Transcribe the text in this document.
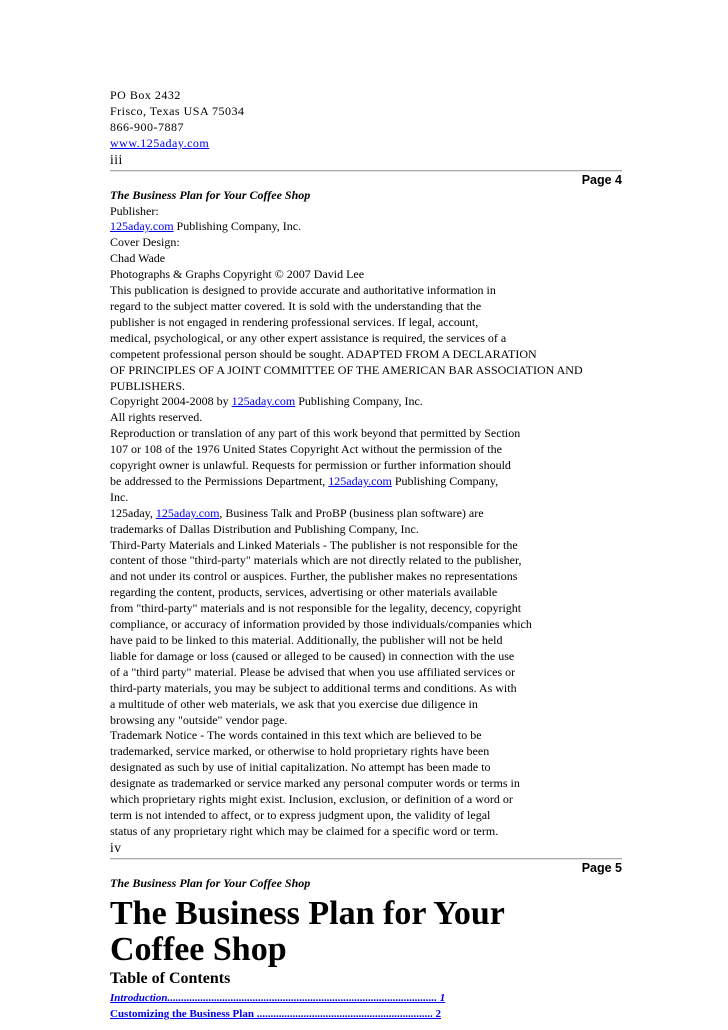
PO Box 2432
Frisco, Texas USA 75034
866-900-7887
www.125aday.com
iii
Page 4
The Business Plan for Your Coffee Shop
Publisher:
125aday.com Publishing Company, Inc.
Cover Design:
Chad Wade
Photographs & Graphs Copyright © 2007 David Lee
This publication is designed to provide accurate and authoritative information in
regard to the subject matter covered. It is sold with the understanding that the
publisher is not engaged in rendering professional services. If legal, account,
medical, psychological, or any other expert assistance is required, the services of a
competent professional person should be sought. ADAPTED FROM A DECLARATION
OF PRINCIPLES OF A JOINT COMMITTEE OF THE AMERICAN BAR ASSOCIATION AND
PUBLISHERS.
Copyright 2004-2008 by 125aday.com Publishing Company, Inc.
All rights reserved.
Reproduction or translation of any part of this work beyond that permitted by Section
107 or 108 of the 1976 United States Copyright Act without the permission of the
copyright owner is unlawful. Requests for permission or further information should
be addressed to the Permissions Department, 125aday.com Publishing Company,
Inc.
125aday, 125aday.com, Business Talk and ProBP (business plan software) are
trademarks of Dallas Distribution and Publishing Company, Inc.
Third-Party Materials and Linked Materials - The publisher is not responsible for the
content of those "third-party" materials which are not directly related to the publisher,
and not under its control or auspices. Further, the publisher makes no representations
regarding the content, products, services, advertising or other materials available
from "third-party" materials and is not responsible for the legality, decency, copyright
compliance, or accuracy of information provided by those individuals/companies which
have paid to be linked to this material. Additionally, the publisher will not be held
liable for damage or loss (caused or alleged to be caused) in connection with the use
of a "third party" material. Please be advised that when you use affiliated services or
third-party materials, you may be subject to additional terms and conditions. As with
a multitude of other web materials, we ask that you exercise due diligence in
browsing any "outside" vendor page.
Trademark Notice - The words contained in this text which are believed to be
trademarked, service marked, or otherwise to hold proprietary rights have been
designated as such by use of initial capitalization. No attempt has been made to
designate as trademarked or service marked any personal computer words or terms in
which proprietary rights might exist. Inclusion, exclusion, or definition of a word or
term is not intended to affect, or to express judgment upon, the validity of legal
status of any proprietary right which may be claimed for a specific word or term.
iv
Page 5
The Business Plan for Your Coffee Shop
The Business Plan for Your
Coffee Shop
Table of Contents
Introduction.................................................................................................. 1
Customizing the Business Plan ................................................................ 2
